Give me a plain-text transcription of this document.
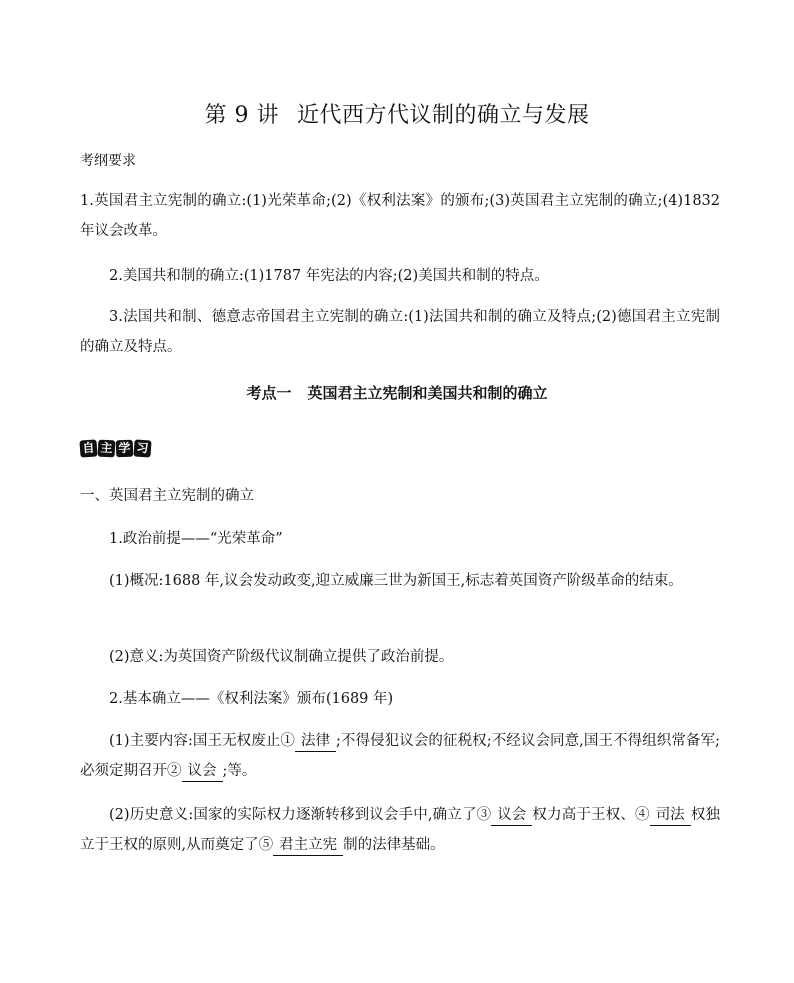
第 9 讲 近代西方代议制的确立与发展

考纲要求

1.英国君主立宪制的确立:(1)光荣革命;(2)《权利法案》的颁布;(3)英国君主立宪制的确立;(4)1832 年议会改革。

2.美国共和制的确立:(1)1787 年宪法的内容;(2)美国共和制的特点。

3.法国共和制、德意志帝国君主立宪制的确立:(1)法国共和制的确立及特点;(2)德国君主立宪制的确立及特点。

考点一 英国君主立宪制和美国共和制的确立
自 主 学 习

一、英国君主立宪制的确立

1.政治前提——“光荣革命”

(1)概况:1688 年,议会发动政变,迎立威廉三世为新国王,标志着英国资产阶级革命的结束。

(2)意义:为英国资产阶级代议制确立提供了政治前提。

2.基本确立——《权利法案》颁布(1689 年)

(1)主要内容:国王无权废止① 法律 ;不得侵犯议会的征税权;不经议会同意,国王不得组织常备军;必须定期召开② 议会 ;等。

(2)历史意义:国家的实际权力逐渐转移到议会手中,确立了③ 议会 权力高于王权、④ 司法 权独立于王权的原则,从而奠定了⑤ 君主立宪 制的法律基础。
